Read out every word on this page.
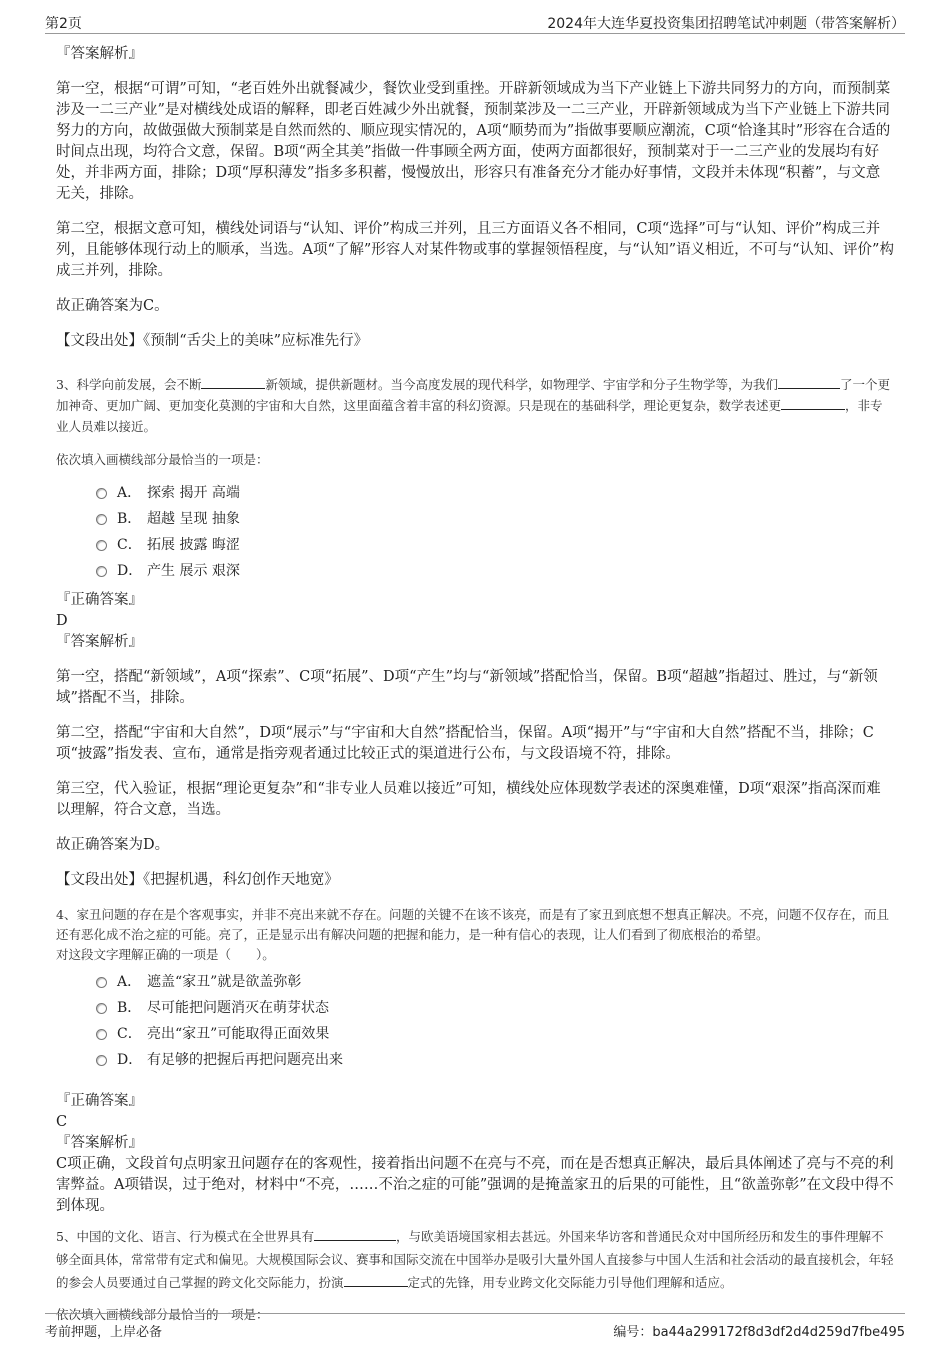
第2页	2024年大连华夏投资集团招聘笔试冲刺题（带答案解析）

『答案解析』

第一空，根据“可谓”可知，“老百姓外出就餐减少，餐饮业受到重挫。开辟新领域成为当下产业链上下游共同努力的方向，而预制菜涉及一二三产业”是对横线处成语的解释，即老百姓减少外出就餐，预制菜涉及一二三产业，开辟新领域成为当下产业链上下游共同努力的方向，故做强做大预制菜是自然而然的、顺应现实情况的，A项“顺势而为”指做事要顺应潮流，C项“恰逢其时”形容在合适的时间点出现，均符合文意，保留。B项“两全其美”指做一件事顾全两方面，使两方面都很好，预制菜对于一二三产业的发展均有好处，并非两方面，排除；D项“厚积薄发”指多多积蓄，慢慢放出，形容只有准备充分才能办好事情，文段并未体现“积蓄”，与文意无关，排除。

第二空，根据文意可知，横线处词语与“认知、评价”构成三并列，且三方面语义各不相同，C项“选择”可与“认知、评价”构成三并列，且能够体现行动上的顺承，当选。A项“了解”形容人对某件物或事的掌握领悟程度，与“认知”语义相近，不可与“认知、评价”构成三并列，排除。

故正确答案为C。

【文段出处】《预制“舌尖上的美味”应标准先行》

3、科学向前发展，会不断	新领域，提供新题材。当今高度发展的现代科学，如物理学、宇宙学和分子生物学等，为我们	了一个更加神奇、更加广阔、更加变化莫测的宇宙和大自然，这里面蕴含着丰富的科幻资源。只是现在的基础科学，理论更复杂，数学表述更	，非专业人员难以接近。

依次填入画横线部分最恰当的一项是：

A． 探索 揭开 高端
B． 超越 呈现 抽象
C． 拓展 披露 晦涩
D． 产生 展示 艰深

『正确答案』

D

『答案解析』

第一空，搭配“新领域”，A项“探索”、C项“拓展”、D项“产生”均与“新领域”搭配恰当，保留。B项“超越”指超过、胜过，与“新领域”搭配不当，排除。

第二空，搭配“宇宙和大自然”，D项“展示”与“宇宙和大自然”搭配恰当，保留。A项“揭开”与“宇宙和大自然”搭配不当，排除；C项“披露”指发表、宣布，通常是指旁观者通过比较正式的渠道进行公布，与文段语境不符，排除。

第三空，代入验证，根据“理论更复杂”和“非专业人员难以接近”可知，横线处应体现数学表述的深奥难懂，D项“艰深”指高深而难以理解，符合文意，当选。

故正确答案为D。

【文段出处】《把握机遇，科幻创作天地宽》

4、家丑问题的存在是个客观事实，并非不亮出来就不存在。问题的关键不在该不该亮，而是有了家丑到底想不想真正解决。不亮，问题不仅存在，而且还有恶化成不治之症的可能。亮了，正是显示出有解决问题的把握和能力，是一种有信心的表现，让人们看到了彻底根治的希望。

对这段文字理解正确的一项是（　　）。

A． 遮盖“家丑”就是欲盖弥彰
B． 尽可能把问题消灭在萌芽状态
C． 亮出“家丑”可能取得正面效果
D． 有足够的把握后再把问题亮出来

『正确答案』

C

『答案解析』

C项正确，文段首句点明家丑问题存在的客观性，接着指出问题不在亮与不亮，而在是否想真正解决，最后具体阐述了亮与不亮的利害弊益。A项错误，过于绝对，材料中“不亮，……不治之症的可能”强调的是掩盖家丑的后果的可能性，且“欲盖弥彰”在文段中得不到体现。

5、中国的文化、语言、行为模式在全世界具有	，与欧美语境国家相去甚远。外国来华访客和普通民众对中国所经历和发生的事件理解不够全面具体，常常带有定式和偏见。大规模国际会议、赛事和国际交流在中国举办是吸引大量外国人直接参与中国人生活和社会活动的最直接机会，年轻的参会人员要通过自己掌握的跨文化交际能力，扮演	定式的先锋，用专业跨文化交际能力引导他们理解和适应。

依次填入画横线部分最恰当的一项是：

考前押题，上岸必备	编号：ba44a299172f8d3df2d4d259d7fbe495
